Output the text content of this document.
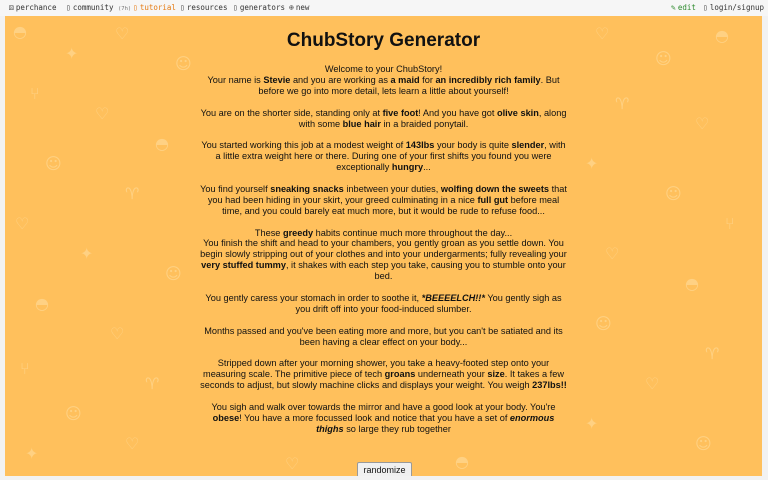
⚄ perchance ▯ community (7h) ▯ tutorial ▯ resources ▯ generators ⊕ new	✎ edit ▯ login/signup
◓
✦
♡
☺
⑂
♡
◓
☺
♈
♡
✦
☺
◓
♡
⑂
♈
☺
♡
✦
♡
☺
◓
♈
♡
✦
☺
⑂
♡
◓
☺
♈
♡
✦
☺
♡	◓
ChubStory Generator

Welcome to your ChubStory!
Your name is Stevie and you are working as a maid for an incredibly rich family. But before we go into more detail, lets learn a little about yourself!

You are on the shorter side, standing only at five foot! And you have got olive skin, along with some blue hair in a braided ponytail.

You started working this job at a modest weight of 143lbs your body is quite slender, with a little extra weight here or there. During one of your first shifts you found you were exceptionally hungry...

You find yourself sneaking snacks inbetween your duties, wolfing down the sweets that you had been hiding in your skirt, your greed culminating in a nice full gut before meal time, and you could barely eat much more, but it would be rude to refuse food...

These greedy habits continue much more throughout the day...
You finish the shift and head to your chambers, you gently groan as you settle down. You begin slowly stripping out of your clothes and into your undergarments; fully revealing your very stuffed tummy, it shakes with each step you take, causing you to stumble onto your bed.

You gently caress your stomach in order to soothe it, *BEEEELCH!!* You gently sigh as you drift off into your food-induced slumber.

Months passed and you've been eating more and more, but you can't be satiated and its been having a clear effect on your body...

Stripped down after your morning shower, you take a heavy-footed step onto your measuring scale. The primitive piece of tech groans underneath your size. It takes a few seconds to adjust, but slowly machine clicks and displays your weight. You weigh 237lbs!!

You sigh and walk over towards the mirror and have a good look at your body. You're obese! You have a more focussed look and notice that you have a set of enormous thighs so large they rub together

randomize
